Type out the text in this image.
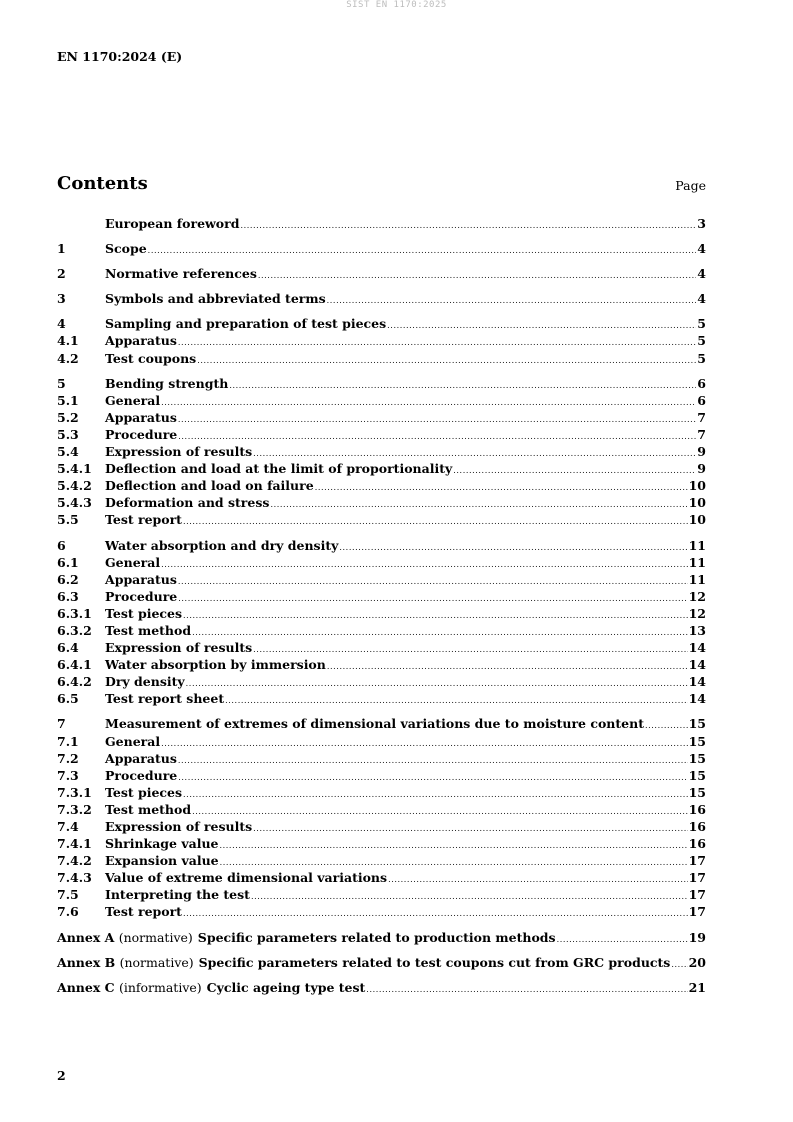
SIST EN 1170:2025
EN 1170:2024 (E)
Contents	Page
European foreword .....	3
1	Scope .....	4
2	Normative references .....	4
3	Symbols and abbreviated terms .....	4
4	Sampling and preparation of test pieces .....	5
4.1	Apparatus .....	5
4.2	Test coupons .....	5
5	Bending strength .....	6
5.1	General .....	6
5.2	Apparatus .....	7
5.3	Procedure .....	7
5.4	Expression of results .....	9
5.4.1	Deflection and load at the limit of proportionality .....	9
5.4.2	Deflection and load on failure .....	10
5.4.3	Deformation and stress .....	10
5.5	Test report .....	10
6	Water absorption and dry density .....	11
6.1	General .....	11
6.2	Apparatus .....	11
6.3	Procedure .....	12
6.3.1	Test pieces .....	12
6.3.2	Test method .....	13
6.4	Expression of results .....	14
6.4.1	Water absorption by immersion .....	14
6.4.2	Dry density .....	14
6.5	Test report sheet .....	14
7	Measurement of extremes of dimensional variations due to moisture content .....	15
7.1	General .....	15
7.2	Apparatus .....	15
7.3	Procedure .....	15
7.3.1	Test pieces .....	15
7.3.2	Test method .....	16
7.4	Expression of results .....	16
7.4.1	Shrinkage value .....	16
7.4.2	Expansion value .....	17
7.4.3	Value of extreme dimensional variations .....	17
7.5	Interpreting the test .....	17
7.6	Test report .....	17
Annex A (normative) Specific parameters related to production methods .....	19
Annex B (normative) Specific parameters related to test coupons cut from GRC products ..... 20
Annex C (informative) Cyclic ageing type test .....	21
2
